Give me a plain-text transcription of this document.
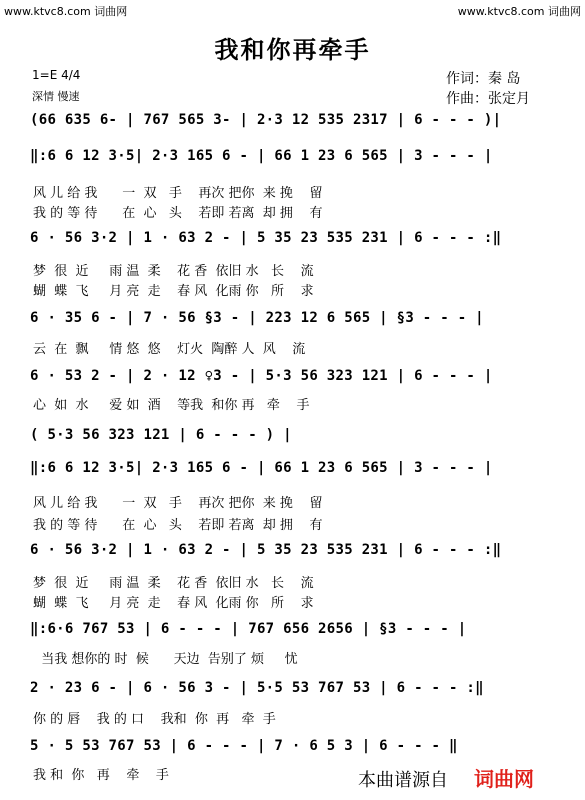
www.ktvc8.com 词曲网	www.ktvc8.com 词曲网
我和你再牵手
1=E 4/4
深情 慢速
作词：秦 岛
作曲：张定月
(66 635 6- | 767 565 3- | 2·3 12 535 2317 | 6 - - - )|
‖:6 6 12 3·5| 2·3 165 6 - | 66 1 23 6 565 | 3 - - - |
风 儿 给 我      一  双   手    再次 把你  来 挽    留
我 的 等 待      在  心   头    若即 若离  却 拥    有
6 · 56 3·2 | 1 · 63 2 - | 5 35 23 535 231 | 6 - - - :‖
梦  很  近     雨 温  柔    花 香  依旧 水   长    流
蝴  蝶  飞     月 亮  走    春 风  化雨 你   所    求
6 · 35 6 - | 7 · 56 §3 - | 223 12 6 565 | §3 - - - |
云  在  飘     情 悠  悠    灯火  陶醉 人  风    流
6 · 53 2 - | 2 · 12 ♀3 - | 5·3 56 323 121 | 6 - - - |
心  如  水     爱 如  酒    等我  和你 再   牵    手
( 5·3 56 323 121 | 6 - - - ) |
‖:6 6 12 3·5| 2·3 165 6 - | 66 1 23 6 565 | 3 - - - |
风 儿 给 我      一  双   手    再次 把你  来 挽    留
我 的 等 待      在  心   头    若即 若离  却 拥    有
6 · 56 3·2 | 1 · 63 2 - | 5 35 23 535 231 | 6 - - - :‖
梦  很  近     雨 温  柔    花 香  依旧 水   长    流
蝴  蝶  飞     月 亮  走    春 风  化雨 你   所    求
‖:6·6 767 53 | 6 - - - | 767 656 2656 | §3 - - - |
当我 想你的 时  候      天边  告别了 烦     忧
2 · 23 6 - | 6 · 56 3 - | 5·5 53 767 53 | 6 - - - :‖
你 的 唇    我 的 口    我和  你  再   牵  手
5 · 5 53 767 53 | 6 - - - | 7 · 6 5 3 | 6 - - - ‖
我 和  你   再    牵    手	本曲谱源自 词曲网
